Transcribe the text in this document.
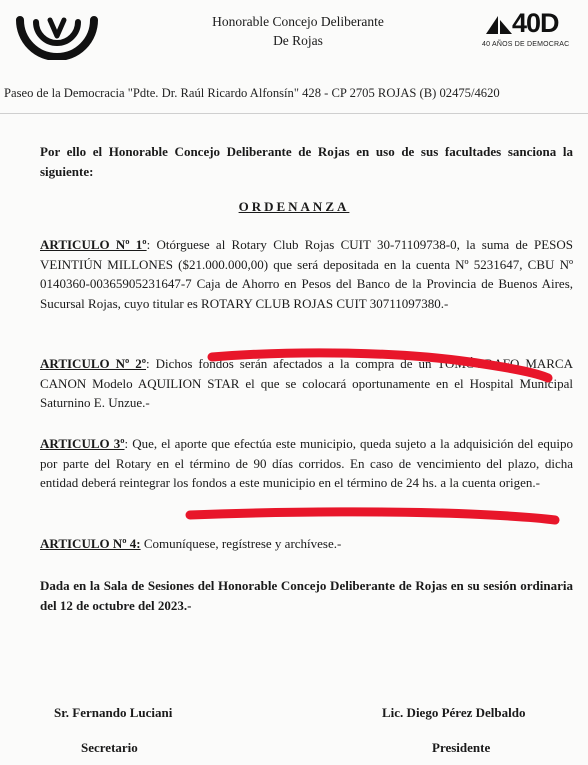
Honorable Concejo Deliberante
De Rojas
40D
40 AÑOS DE DEMOCRAC
Paseo de la Democracia "Pdte. Dr. Raúl Ricardo Alfonsín" 428 - CP 2705 ROJAS (B) 02475/4620
Por ello el Honorable Concejo Deliberante de Rojas en uso de sus facultades sanciona la siguiente:
ORDENANZA
ARTICULO Nº 1º: Otórguese al Rotary Club Rojas CUIT 30-71109738-0, la suma de PESOS VEINTIÚN MILLONES ($21.000.000,00) que será depositada en la cuenta Nº 5231647, CBU Nº 0140360-00365905231647-7 Caja de Ahorro en Pesos del Banco de la Provincia de Buenos Aires, Sucursal Rojas, cuyo titular es ROTARY CLUB ROJAS CUIT 30711097380.-
ARTICULO Nº 2º: Dichos fondos serán afectados a la compra de un TOMÓGRAFO MARCA CANON Modelo AQUILION STAR el que se colocará oportunamente en el Hospital Municipal Saturnino E. Unzue.-
ARTICULO 3º: Que, el aporte que efectúa este municipio, queda sujeto a la adquisición del equipo por parte del Rotary en el término de 90 días corridos. En caso de vencimiento del plazo, dicha entidad deberá reintegrar los fondos a este municipio en el término de 24 hs. a la cuenta origen.-
ARTICULO Nº 4: Comuníquese, regístrese y archívese.-
Dada en la Sala de Sesiones del Honorable Concejo Deliberante de Rojas en su sesión ordinaria del 12 de octubre del 2023.-
Sr. Fernando Luciani
Secretario
Lic. Diego Pérez Delbaldo
Presidente
